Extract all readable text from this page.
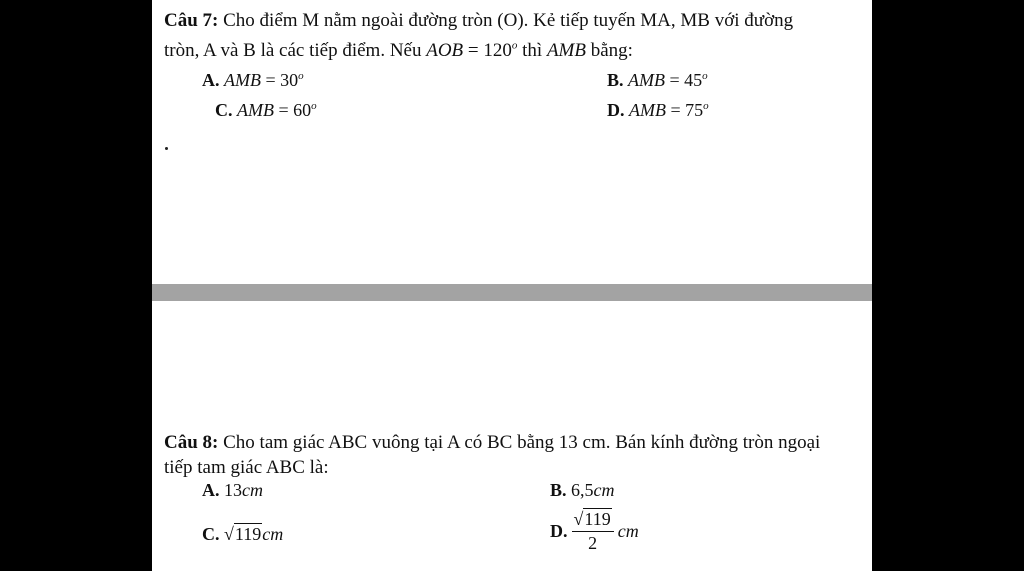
Câu 7: Cho điểm M nằm ngoài đường tròn (O). Kẻ tiếp tuyến MA, MB với đường
tròn, A và B là các tiếp điểm. Nếu AOB = $120^o$ thì AMB bằng:
A. AMB = $30^o$	B. AMB = $45^o$
C. AMB = $60^o$	D. AMB = $75^o$
Câu 8: Cho tam giác ABC vuông tại A có BC bằng 13 cm. Bán kính đường tròn ngoại
tiếp tam giác ABC là:
A. 13cm	B. 6,5cm
C. √119cm	D. $\frac{√119}{2}$ cm
